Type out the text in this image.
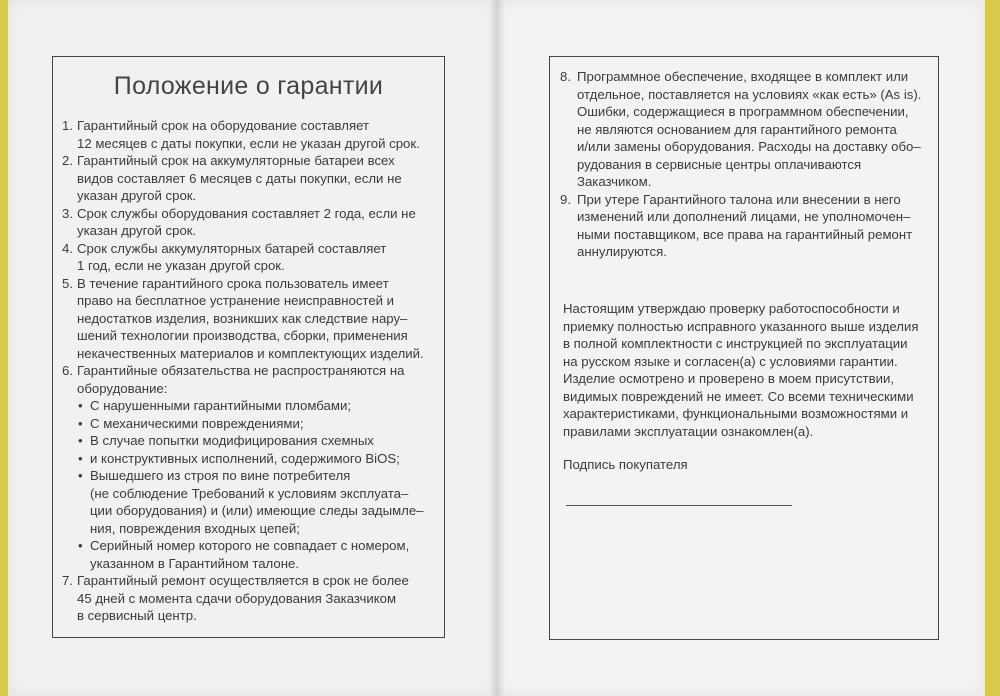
Положение о гарантии
1. Гарантийный срок на оборудование составляет
12 месяцев с даты покупки, если не указан другой срок.
2. Гарантийный срок на аккумуляторные батареи всех
видов составляет 6 месяцев с даты покупки, если не
указан другой срок.
3. Срок службы оборудования составляет 2 года, если не
указан другой срок.
4. Срок службы аккумуляторных батарей составляет
1 год, если не указан другой срок.
5. В течение гарантийного срока пользователь имеет
право на бесплатное устранение неисправностей и
недостатков изделия, возникших как следствие нару–
шений технологии производства, сборки, применения
некачественных материалов и комплектующих изделий.
6. Гарантийные обязательства не распространяются на
оборудование:
• С нарушенными гарантийными пломбами;
• С механическими повреждениями;
• В случае попытки модифицирования схемных
• и конструктивных исполнений, содержимого BiOS;
• Вышедшего из строя по вине потребителя
(не соблюдение Требований к условиям эксплуата–
ции оборудования) и (или) имеющие следы задымле–
ния, повреждения входных цепей;
• Серийный номер которого не совпадает с номером,
указанном в Гарантийном талоне.
7. Гарантийный ремонт осуществляется в срок не более
45 дней с момента сдачи оборудования Заказчиком
в сервисный центр.
8. Программное обеспечение, входящее в комплект или
отдельное, поставляется на условиях «как есть» (As is).
Ошибки, содержащиеся в программном обеспечении,
не являются основанием для гарантийного ремонта
и/или замены оборудования. Расходы на доставку обо–
рудования в сервисные центры оплачиваются
Заказчиком.
9. При утере Гарантийного талона или внесении в него
изменений или дополнений лицами, не уполномочен–
ными поставщиком, все права на гарантийный ремонт
аннулируются.
Настоящим утверждаю проверку работоспособности и
приемку полностью исправного указанного выше изделия
в полной комплектности с инструкцией по эксплуатации
на русском языке и согласен(а) с условиями гарантии.
Изделие осмотрено и проверено в моем присутствии,
видимых повреждений не имеет. Со всеми техническими
характеристиками, функциональными возможностями и
правилами эксплуатации ознакомлен(а).
Подпись покупателя
